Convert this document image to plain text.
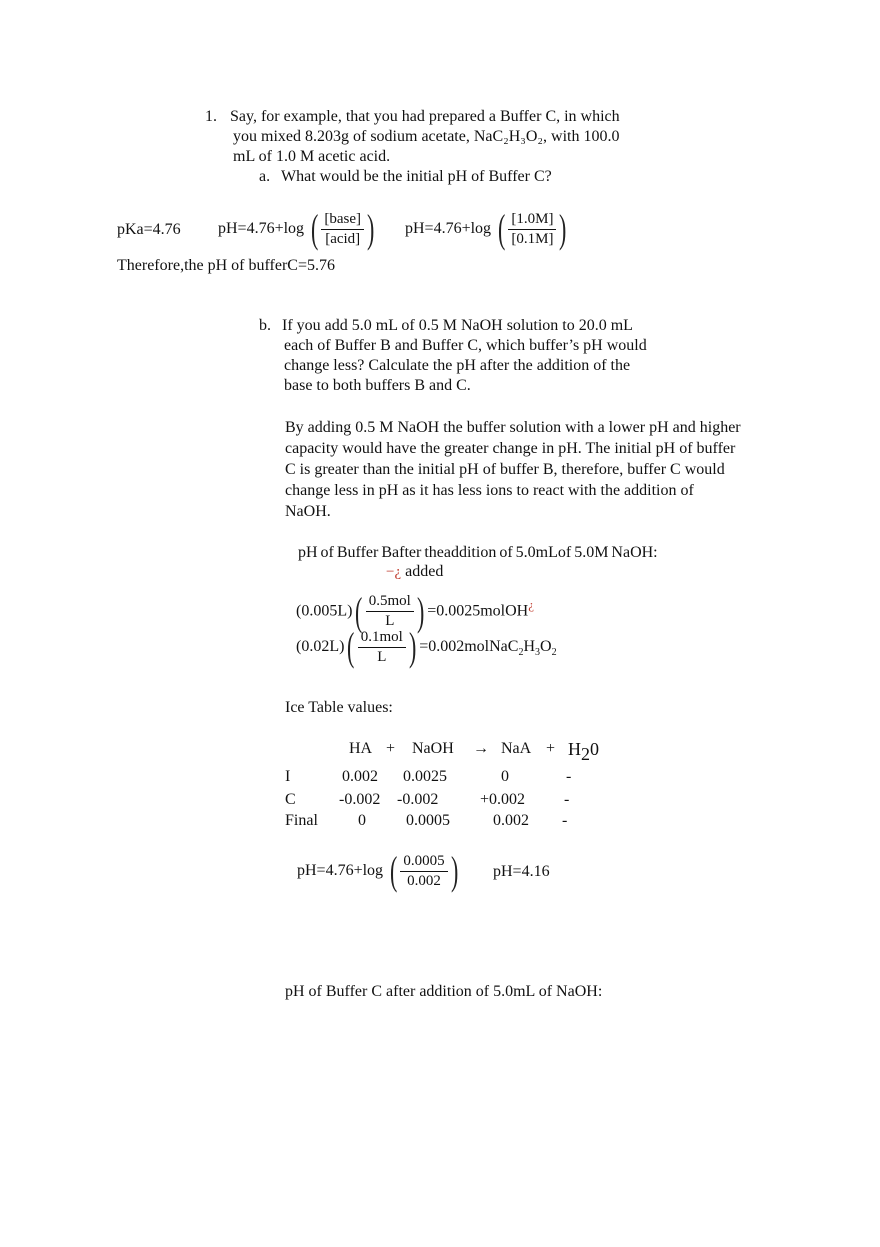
1. Say, for example, that you had prepared a Buffer C, in which
you mixed 8.203g of sodium acetate, NaC₂H₃O₂, with 100.0
mL of 1.0 M acetic acid.
a. What would be the initial pH of Buffer C?
pKa=4.76 pH=4.76+log ( $\frac{\text{[base]}}{\text{[acid]}}$ ) pH=4.76+log ( $\frac{[1.0M]}{[0.1M]}$ )
Therefore,the pH of bufferC=5.76
b. If you add 5.0 mL of 0.5 M NaOH solution to 20.0 mL
each of Buffer B and Buffer C, which buffer’s pH would
change less? Calculate the pH after the addition of the
base to both buffers B and C.
By adding 0.5 M NaOH the buffer solution with a lower pH and higher
capacity would have the greater change in pH. The initial pH of buffer
C is greater than the initial pH of buffer B, therefore, buffer C would
change less in pH as it has less ions to react with the addition of
NaOH.
pH of Buffer Bafter theaddition of 5.0mLof 5.0M NaOH:
−¿ added
$(0.005L)( \frac{\text{0.5mol}}{L}$ ) =0.0025molOH¿
$(0.02L)( \frac{\text{0.1mol}}{L}$ ) $=0.002molNaC_2H_3O_2$
Ice Table values:
HA + NaOH → NaA + H20
I	0.002 0.0025	0	-
C	-0.002 -0.002	+0.002 -
Final	0	0.0005	0.002 -
pH=4.76+log ( $\frac{0.0005}{0.002}$ ) pH=4.16
pH of Buffer C after addition of 5.0mL of NaOH:
